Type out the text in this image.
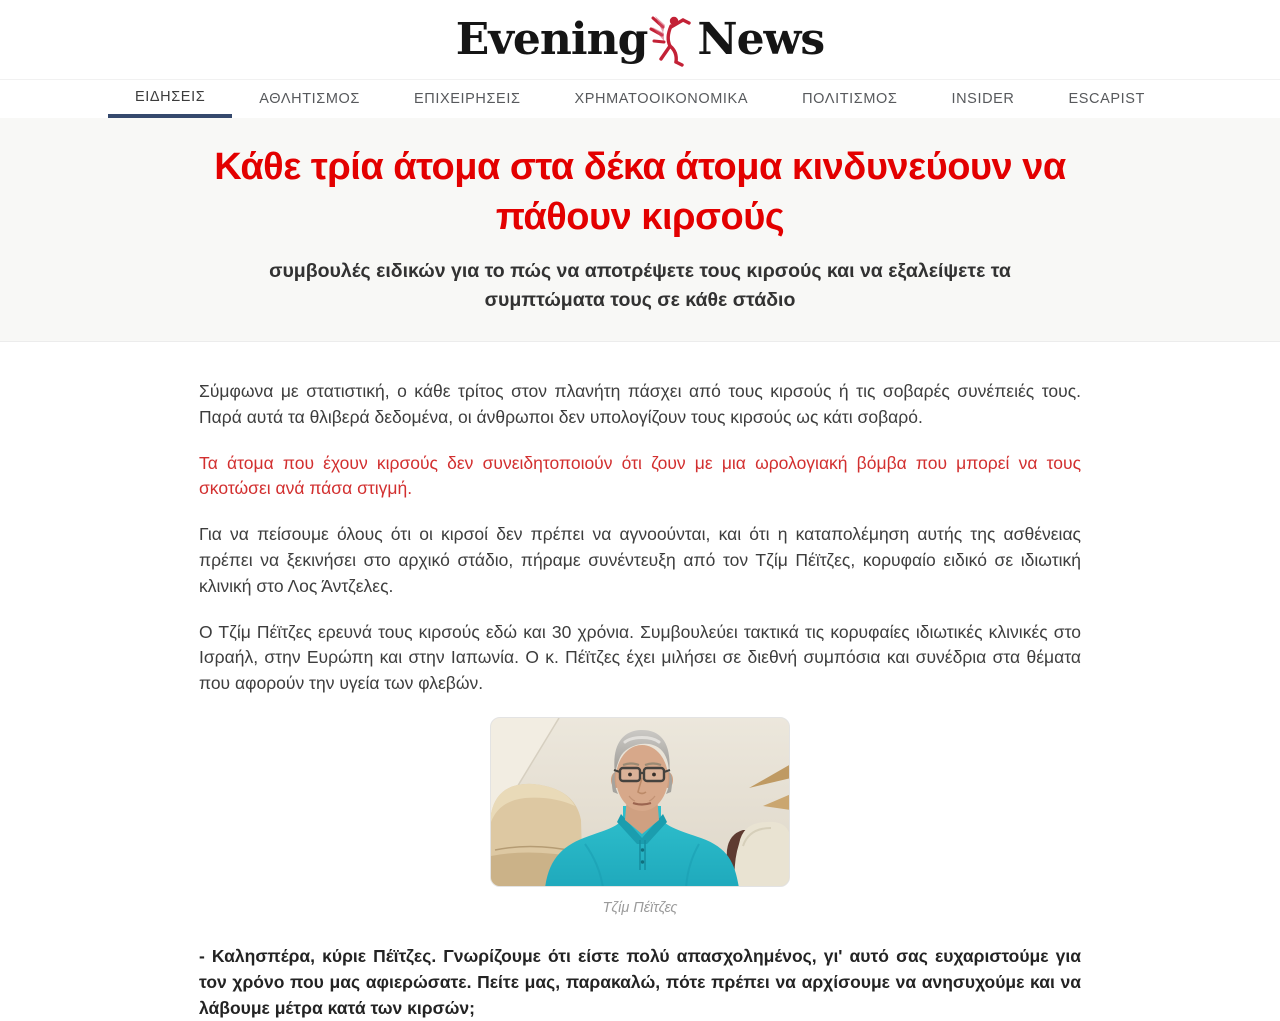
Evening News
ΕΙΔΗΣΕΙΣ	ΑΘΛΗΤΙΣΜΟΣ	ΕΠΙΧΕΙΡΗΣΕΙΣ	ΧΡΗΜΑΤΟΟΙΚΟΝΟΜΙΚΑ	ΠΟΛΙΤΙΣΜΟΣ	INSIDER	ESCAPIST
Κάθε τρία άτομα στα δέκα άτομα κινδυνεύουν να πάθουν κιρσούς
συμβουλές ειδικών για το πώς να αποτρέψετε τους κιρσούς και να εξαλείψετε τα συμπτώματα τους σε κάθε στάδιο

Σύμφωνα με στατιστική, ο κάθε τρίτος στον πλανήτη πάσχει από τους κιρσούς ή τις σοβαρές συνέπειές τους. Παρά αυτά τα θλιβερά δεδομένα, οι άνθρωποι δεν υπολογίζουν τους κιρσούς ως κάτι σοβαρό.

Τα άτομα που έχουν κιρσούς δεν συνειδητοποιούν ότι ζουν με μια ωρολογιακή βόμβα που μπορεί να τους σκοτώσει ανά πάσα στιγμή.

Για να πείσουμε όλους ότι οι κιρσοί δεν πρέπει να αγνοούνται, και ότι η καταπολέμηση αυτής της ασθένειας πρέπει να ξεκινήσει στο αρχικό στάδιο, πήραμε συνέντευξη από τον Τζίμ Πέϊτζες, κορυφαίο ειδικό σε ιδιωτική κλινική στο Λος Άντζελες.

Ο Τζίμ Πέϊτζες ερευνά τους κιρσούς εδώ και 30 χρόνια. Συμβουλεύει τακτικά τις κορυφαίες ιδιωτικές κλινικές στο Ισραήλ, στην Ευρώπη και στην Ιαπωνία. Ο κ. Πέϊτζες έχει μιλήσει σε διεθνή συμπόσια και συνέδρια στα θέματα που αφορούν την υγεία των φλεβών.

Τζίμ Πέϊτζες

- Καλησπέρα, κύριε Πέϊτζες. Γνωρίζουμε ότι είστε πολύ απασχολημένος, γι' αυτό σας ευχαριστούμε για τον χρόνο που μας αφιερώσατε. Πείτε μας, παρακαλώ, πότε πρέπει να αρχίσουμε να ανησυχούμε και να λάβουμε μέτρα κατά των κιρσών;
